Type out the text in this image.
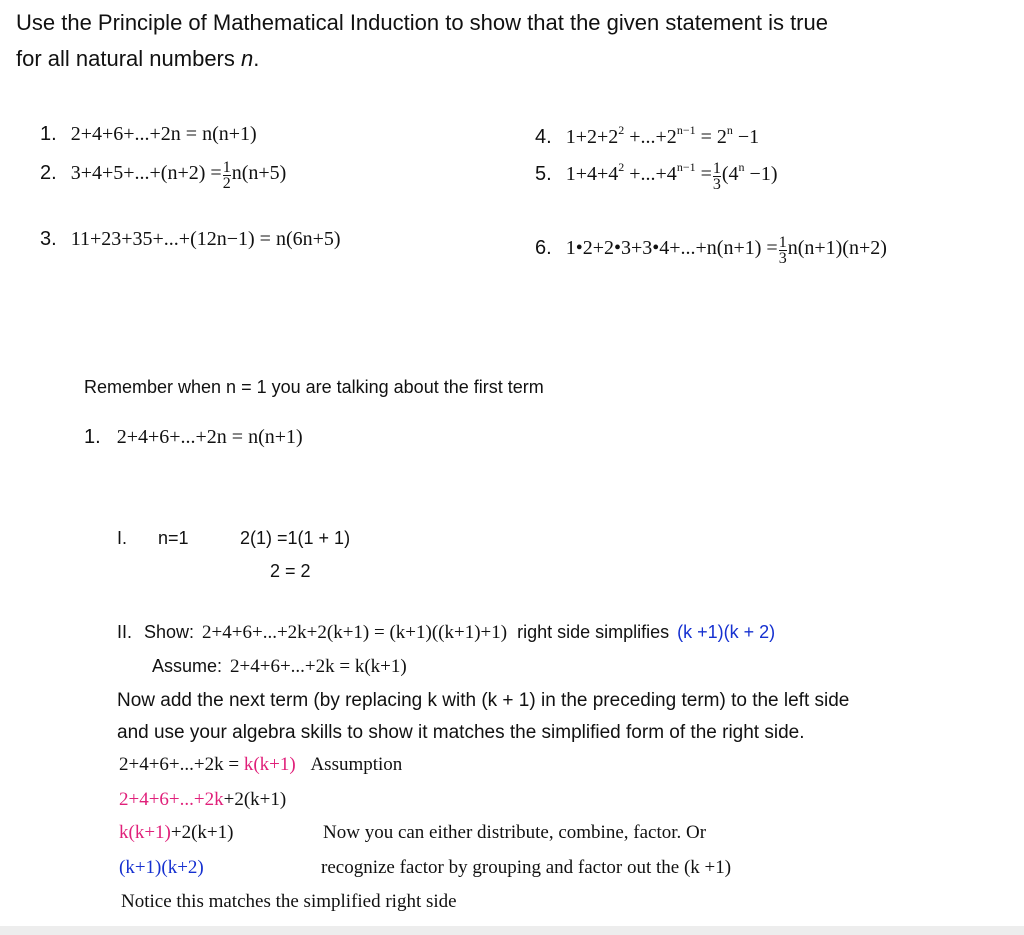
Use the Principle of Mathematical Induction to show that the given statement is true
for all natural numbers n.
1. 2+4+6+...+2n = n(n+1)
2. $3+4+5+...+(n+2) = \frac{1}{2} n(n+5)$
3. 11+23+35+...+(12n−1) = n(6n+5)
4. $1+2+2^2 +...+2^{n-1} = 2^n -1$
5. $1+4+4^2 +...+4^{n-1} = \frac{1}{3} (4^n -1)$
6. 1•2+2•3+3•4+...+n(n+1) = $\frac{1}{3} n(n+1)(n+2)$
Remember when n = 1 you are talking about the first term
1. 2+4+6+...+2n = n(n+1)
I. n=1	2(1) =1(1 + 1)
2 = 2
II. Show: 2+4+6+...+2k+2(k+1) = (k+1)((k+1)+1) right side simplifies (k +1)(k + 2)
Assume: 2+4+6+...+2k = k(k+1)
Now add the next term (by replacing k with (k + 1) in the preceding term) to the left side
and use your algebra skills to show it matches the simplified form of the right side.
2+4+6+...+2k = k(k+1) Assumption
2+4+6+...+2k+2(k+1)
k(k+1)+2(k+1)	Now you can either distribute, combine, factor. Or
(k+1)(k+2)	recognize factor by grouping and factor out the (k +1)
Notice this matches the simplified right side
